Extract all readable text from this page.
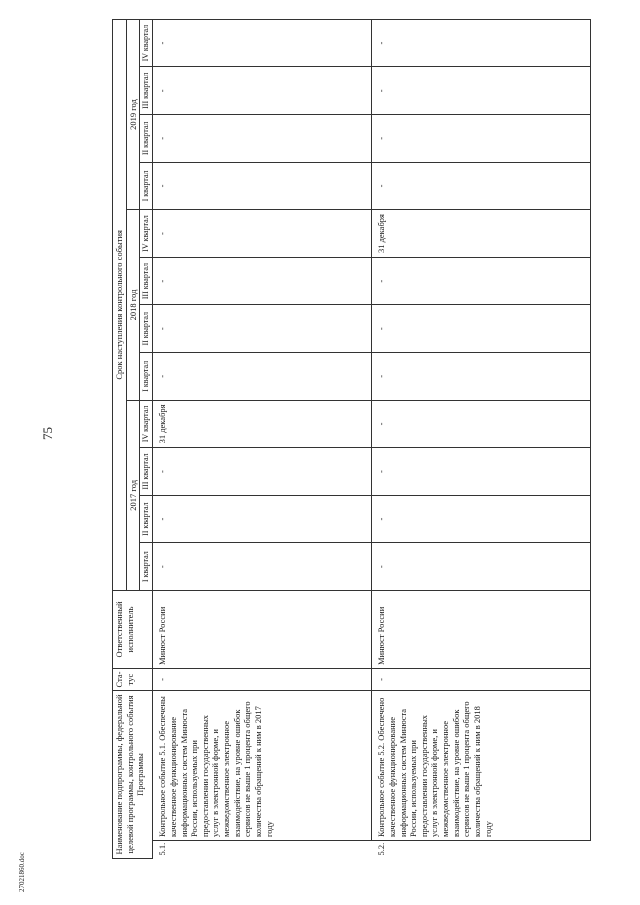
75
27021860.doc
Наименование подпрограммы, федеральной целевой программы, контрольного события Программы		Ста-тус	Ответственный исполнитель	Срок наступления контрольного события											
				2017 год				2018 год				2019 год			
				I квартал	II квартал	III квартал	IV квартал	I квартал	II квартал	III квартал	IV квартал	I квартал	II квартал	III квартал	IV квартал
5.1.	Контрольное событие 5.1. Обеспечены качественное функционирование информационных систем Минюста России, используемых при предоставлении государственных услуг в электронной форме, и межведомственное электронное взаимодействие, на уровне ошибок сервисов не выше 1 процента общего количества обращений к ним в 2017 году	-	Минюст России	-	-	-	31 декабря	-	-	-	-	-	-	-	-
5.2.	Контрольное событие 5.2. Обеспечено качественное функционирование информационных систем Минюста России, используемых при предоставлении государственных услуг в электронной форме, и межведомственное электронное взаимодействие, на уровне ошибок сервисов не выше 1 процента общего количества обращений к ним в 2018 году	-	Минюст России	-	-	-	-	-	-	-	31 декабря	-	-	-	-
